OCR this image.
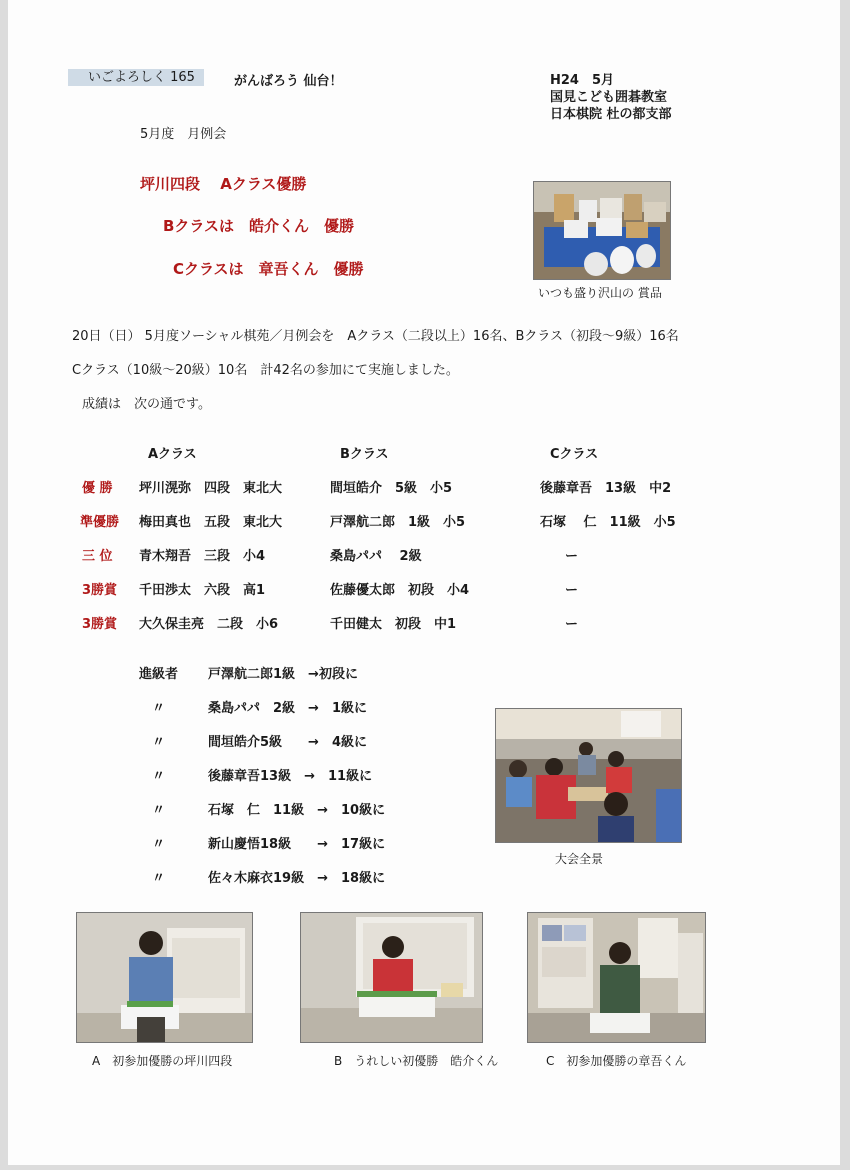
いごよろしく 165	がんばろう 仙台！	H24　5月
国見こども囲碁教室
日本棋院 杜の都支部
5月度　月例会
坪川四段　 Aクラス優勝
Bクラスは　皓介くん　優勝
Cクラスは　章吾くん　優勝
いつも盛り沢山の 賞品
20日（日） 5月度ソーシャル棋苑／月例会を　Aクラス（二段以上）16名、Bクラス（初段〜9級）16名
Cクラス（10級〜20級）10名　計42名の参加にて実施しました。
成績は　次の通です。
Aクラス	Bクラス	Cクラス
優 勝 坪川滉弥　四段　東北大	間垣皓介　5級　小5	後藤章吾　13級　中2
準優勝 梅田真也　五段　東北大	戸澤航二郎　1級　小5	石塚　 仁　11級　小5
三 位 青木翔吾　三段　小4	桑島パパ　 2級	ー
3勝賞 千田渉太　六段　高1	佐藤優太郎　初段　小4	ー
3勝賞 大久保圭亮　二段　小6	千田健太　初段　中1	ー
進級者 戸澤航二郎1級　→初段に
〃	桑島パパ　2級　→　1級に
〃	間垣皓介5級　　→　4級に
〃	後藤章吾13級　→　11級に
〃	石塚　仁　11級　→　10級に
〃	新山慶悟18級　　→　17級に
〃	佐々木麻衣19級　→　18級に
大会全景
A　初参加優勝の坪川四段	B　うれしい初優勝　皓介くん	C　初参加優勝の章吾くん
